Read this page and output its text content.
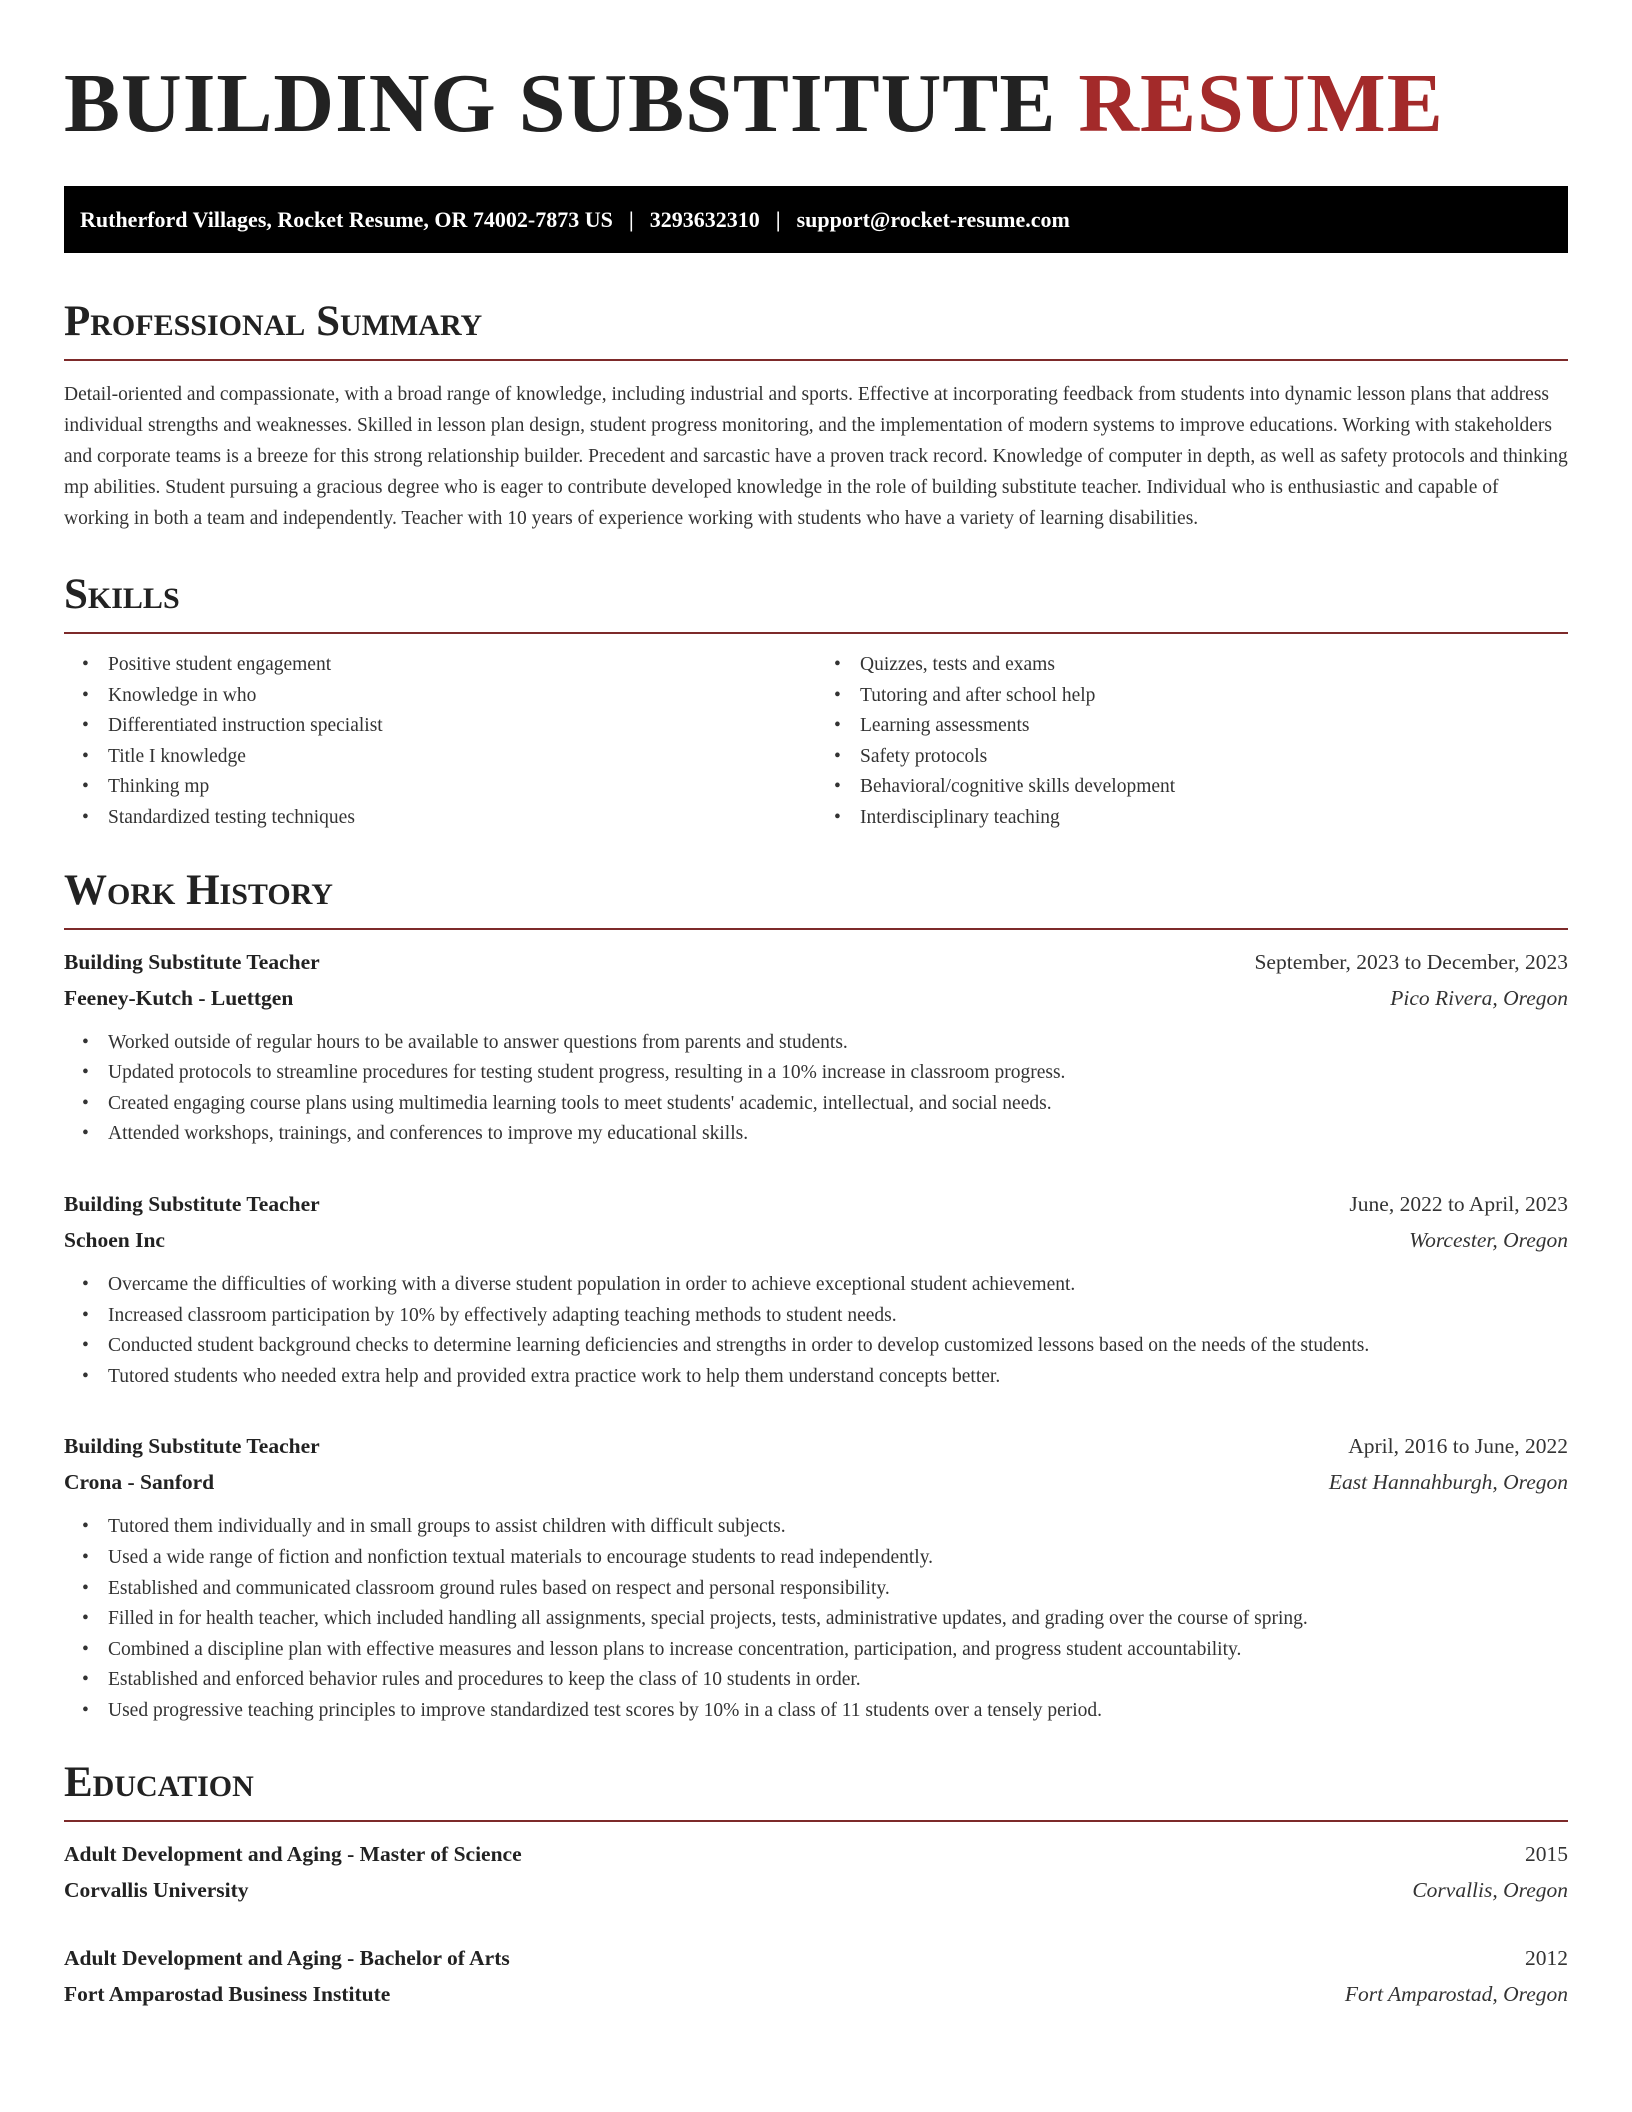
BUILDING SUBSTITUTE RESUME
Rutherford Villages, Rocket Resume, OR 74002-7873 US | 3293632310 | support@rocket-resume.com
Professional Summary

Detail-oriented and compassionate, with a broad range of knowledge, including industrial and sports. Effective at incorporating feedback from students into dynamic lesson plans that address individual strengths and weaknesses. Skilled in lesson plan design, student progress monitoring, and the implementation of modern systems to improve educations. Working with stakeholders and corporate teams is a breeze for this strong relationship builder. Precedent and sarcastic have a proven track record. Knowledge of computer in depth, as well as safety protocols and thinking mp abilities. Student pursuing a gracious degree who is eager to contribute developed knowledge in the role of building substitute teacher. Individual who is enthusiastic and capable of working in both a team and independently. Teacher with 10 years of experience working with students who have a variety of learning disabilities.

Skills
• Positive student engagement
• Knowledge in who
• Differentiated instruction specialist
• Title I knowledge
• Thinking mp
• Standardized testing techniques
• Quizzes, tests and exams
• Tutoring and after school help
• Learning assessments
• Safety protocols
• Behavioral/cognitive skills development
• Interdisciplinary teaching
Work History
Building Substitute Teacher	September, 2023 to December, 2023
Feeney-Kutch - Luettgen	Pico Rivera, Oregon
• Worked outside of regular hours to be available to answer questions from parents and students.
• Updated protocols to streamline procedures for testing student progress, resulting in a 10% increase in classroom progress.
• Created engaging course plans using multimedia learning tools to meet students' academic, intellectual, and social needs.
• Attended workshops, trainings, and conferences to improve my educational skills.
Building Substitute Teacher	June, 2022 to April, 2023
Schoen Inc	Worcester, Oregon
• Overcame the difficulties of working with a diverse student population in order to achieve exceptional student achievement.
• Increased classroom participation by 10% by effectively adapting teaching methods to student needs.
• Conducted student background checks to determine learning deficiencies and strengths in order to develop customized lessons based on the needs of the students.
• Tutored students who needed extra help and provided extra practice work to help them understand concepts better.
Building Substitute Teacher	April, 2016 to June, 2022
Crona - Sanford	East Hannahburgh, Oregon
• Tutored them individually and in small groups to assist children with difficult subjects.
• Used a wide range of fiction and nonfiction textual materials to encourage students to read independently.
• Established and communicated classroom ground rules based on respect and personal responsibility.
• Filled in for health teacher, which included handling all assignments, special projects, tests, administrative updates, and grading over the course of spring.
• Combined a discipline plan with effective measures and lesson plans to increase concentration, participation, and progress student accountability.
• Established and enforced behavior rules and procedures to keep the class of 10 students in order.
• Used progressive teaching principles to improve standardized test scores by 10% in a class of 11 students over a tensely period.
Education
Adult Development and Aging - Master of Science	2015
Corvallis University	Corvallis, Oregon
Adult Development and Aging - Bachelor of Arts	2012
Fort Amparostad Business Institute	Fort Amparostad, Oregon
